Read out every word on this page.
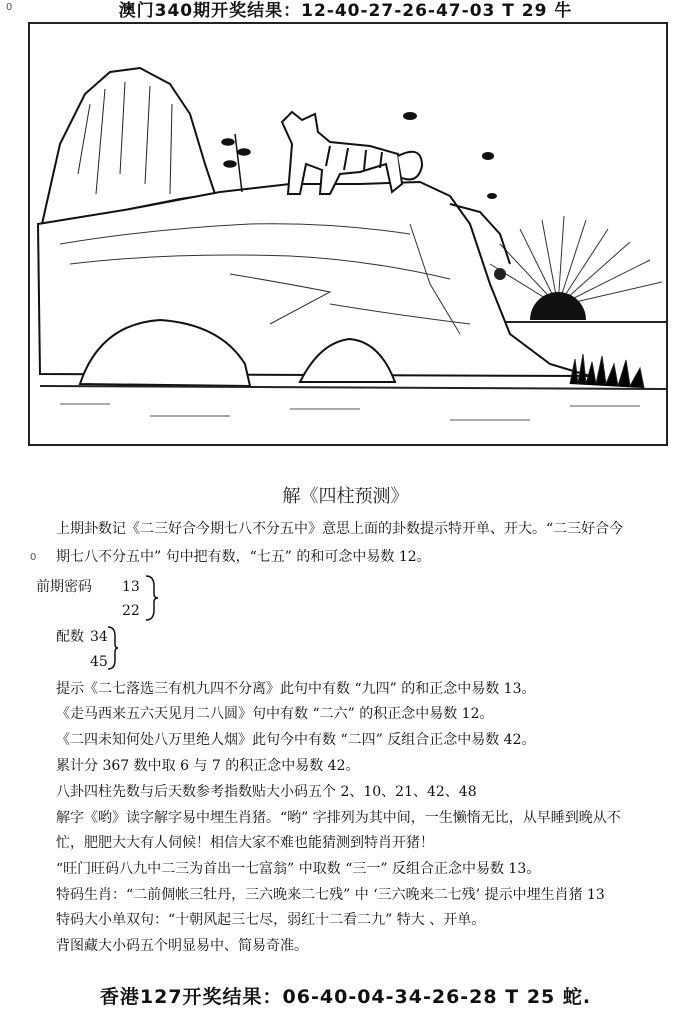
澳门340期开奖结果：12-40-27-26-47-03 T 29 牛
0
解《四柱预测》
上期卦数记《二三好合今期七八不分五中》意思上面的卦数提示特开单、开大。“二三好合今
0 期七八不分五中” 句中把有数，“七五” 的和可念中易数 12。
前期密码 13
22
配数 34
45
提示《二七落选三有机九四不分离》此句中有数 “九四” 的和正念中易数 13。
《走马西来五六天见月二八圆》句中有数 “二六” 的积正念中易数 12。
《二四未知何处八万里绝人烟》此句今中有数 “二四” 反组合正念中易数 42。
累计分 367 数中取 6 与 7 的积正念中易数 42。
八卦四柱先数与后天数参考指数贴大小码五个 2、10、21、42、48
解字《哟》读字解字易中埋生肖猪。“哟” 字排列为其中间，一生懒惰无比，从早睡到晚从不
忙，肥肥大大有人伺候！相信大家不难也能猜测到特肖开猪！
“旺门旺码八九中二三为首出一七富翁” 中取数 “三一” 反组合正念中易数 13。
特码生肖：“二前倜帐三牡丹，三六晚来二七残” 中 ‘三六晚来二七残’ 提示中埋生肖猪 13
特码大小单双句：“十朝风起三七尽，弱红十二看二九” 特大 、开单。
背图藏大小码五个明显易中、简易奇准。
香港127开奖结果：06-40-04-34-26-28 T 25 蛇.
